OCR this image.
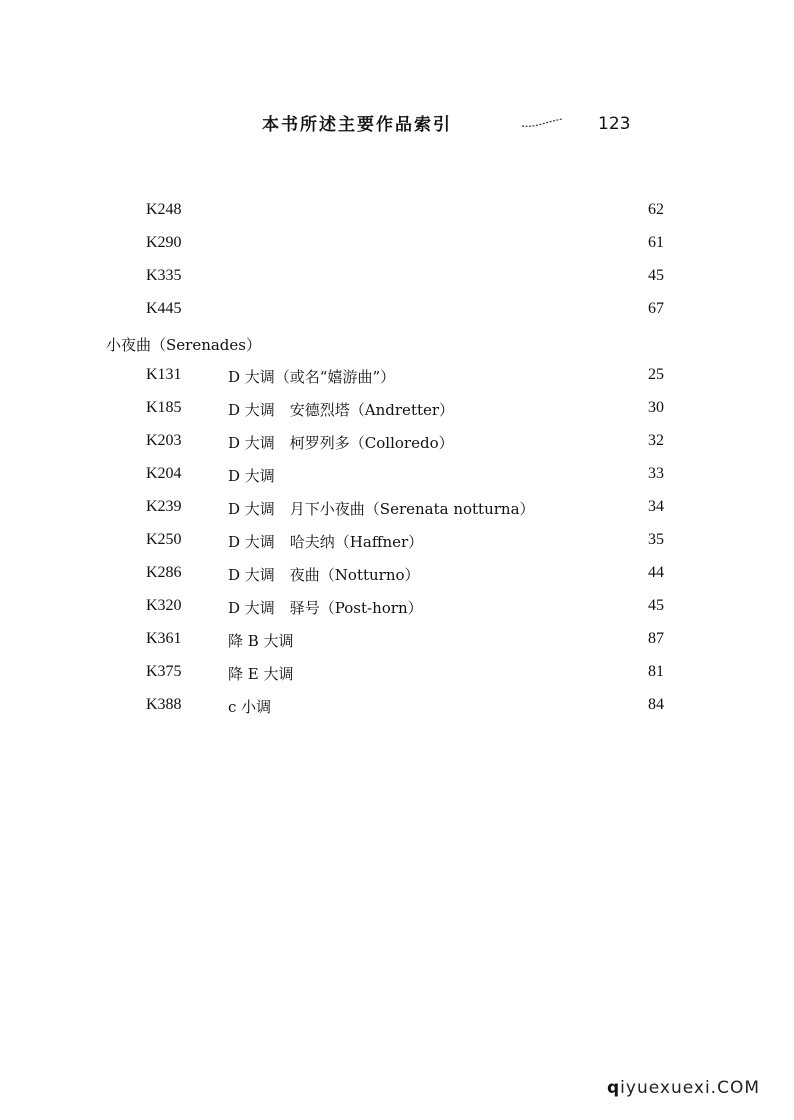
本书所述主要作品索引	123
K248	62
K290	61
K335	45
K445	67
小夜曲（Serenades）
K131	D 大调（或名“嬉游曲”）	25
K185	D 大调　安德烈塔（Andretter）	30
K203	D 大调　柯罗列多（Colloredo）	32
K204	D 大调	33
K239	D 大调　月下小夜曲（Serenata notturna）	34
K250	D 大调　哈夫纳（Haffner）	35
K286	D 大调　夜曲（Notturno）	44
K320	D 大调　驿号（Post-horn）	45
K361	降 B 大调	87
K375	降 E 大调	81
K388	c 小调	84
qiyuexuexi.COM
